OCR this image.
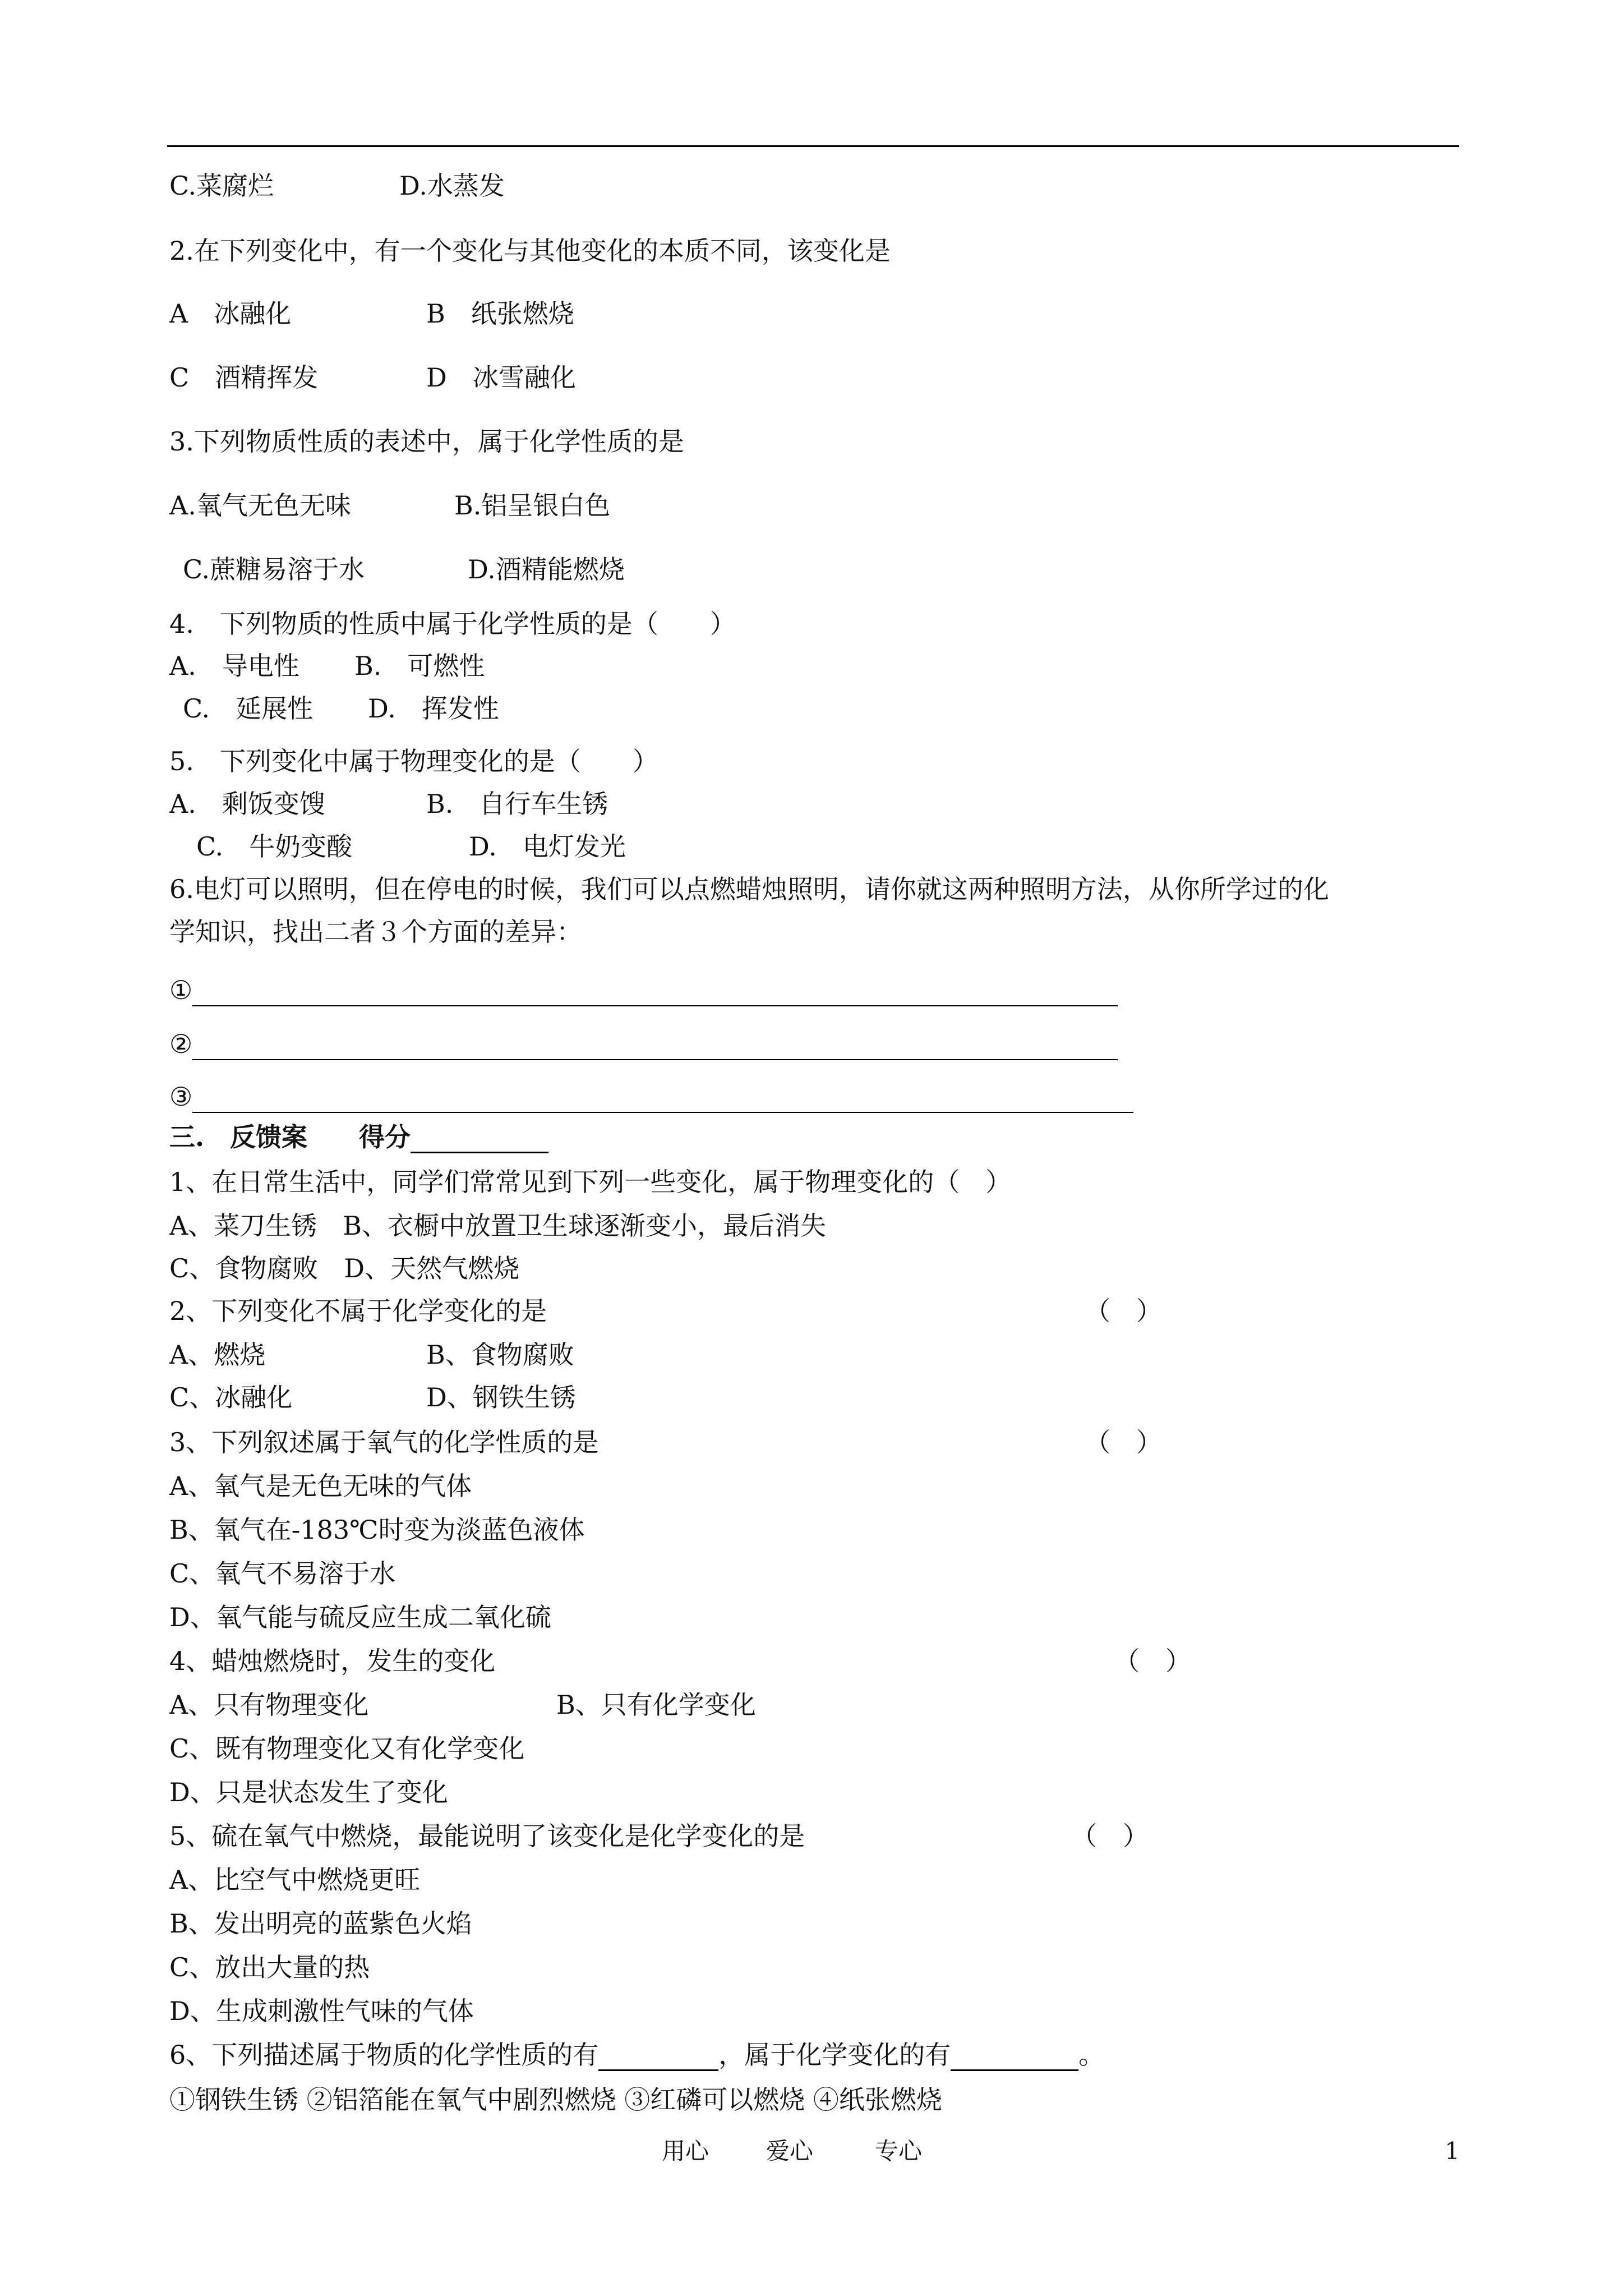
C.菜腐烂	D.水蒸发
2.在下列变化中，有一个变化与其他变化的本质不同，该变化是
A　冰融化	B　纸张燃烧
C　酒精挥发	D　冰雪融化
3.下列物质性质的表述中，属于化学性质的是
A.氧气无色无味	B.铝呈银白色
C.蔗糖易溶于水	D.酒精能燃烧
4.　下列物质的性质中属于化学性质的是（　　）
A.　导电性 B.　可燃性
C.　延展性 D.　挥发性
5.　下列变化中属于物理变化的是（　　）
A.　剩饭变馊	B.　自行车生锈
C.　牛奶变酸	D.　电灯发光
6.电灯可以照明，但在停电的时候，我们可以点燃蜡烛照明，请你就这两种照明方法，从你所学过的化
学知识，找出二者３个方面的差异：
①
②
③
三.　反馈案 得分
1、在日常生活中，同学们常常见到下列一些变化，属于物理变化的（　）
A、菜刀生锈　B、衣橱中放置卫生球逐渐变小，最后消失
C、食物腐败　D、天然气燃烧
2、下列变化不属于化学变化的是	（　）
A、燃烧	B、食物腐败
C、冰融化	D、钢铁生锈
3、下列叙述属于氧气的化学性质的是	（　）
A、氧气是无色无味的气体
B、氧气在-183℃时变为淡蓝色液体
C、氧气不易溶于水
D、氧气能与硫反应生成二氧化硫
4、蜡烛燃烧时，发生的变化	（　）
A、只有物理变化	B、只有化学变化
C、既有物理变化又有化学变化
D、只是状态发生了变化
5、硫在氧气中燃烧，最能说明了该变化是化学变化的是	（　）
A、比空气中燃烧更旺
B、发出明亮的蓝紫色火焰
C、放出大量的热
D、生成刺激性气味的气体
6、下列描述属于物质的化学性质的有	，属于化学变化的有	。
①钢铁生锈 ②铝箔能在氧气中剧烈燃烧 ③红磷可以燃烧 ④纸张燃烧
用心 爱心	专心	1
